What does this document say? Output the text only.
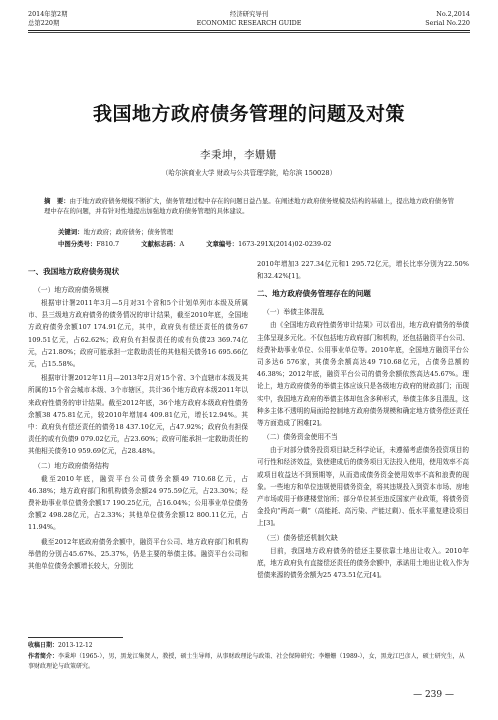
2014年第2期
总第220期
经济研究导刊
ECONOMIC RESEARCH GUIDE
No.2,2014
Serial No.220
我国地方政府债务管理的问题及对策
李秉坤，李姗姗
（哈尔滨商业大学 财政与公共管理学院，哈尔滨 150028）
摘　要：由于地方政府债务规模不断扩大，债务管理过程中存在的问题日益凸显。在阐述地方政府债务规模及结构的基础上，提出地方政府债务管理中存在的问题，并有针对性地提出加强地方政府债务管理的具体建议。
关键词：地方政府；政府债务；债务管理
中图分类号：F810.7	文献标志码：A	文章编号：1673-291X(2014)02-0239-02
一、我国地方政府债务现状
（一）地方政府债务规模

根据审计署2011年3月—5月对31个省和5个计划单列市本级及所属市、县三级地方政府债务的债务情况的审计结果，截至2010年底，全国地方政府债务余额107 174.91亿元，其中，政府负有偿还责任的债务67 109.51亿元，占62.62%；政府负有担保责任的或有负债23 369.74亿元，占21.80%；政府可能承担一定救助责任的其他相关债务16 695.66亿元，占15.58%。

根据审计署2012年11月—2013年2月对15个省、3个直辖市本级及其所属的15个省会城市本级、3个市辖区，共计36个地方政府本级2011年以来政府性债务的审计结果。截至2012年底，36个地方政府本级政府性债务余额38 475.81亿元，较2010年增加4 409.81亿元，增长12.94%。其中：政府负有偿还责任的债务18 437.10亿元，占47.92%；政府负有担保责任的或有负债9 079.02亿元，占23.60%；政府可能承担一定救助责任的其他相关债务10 959.69亿元，占28.48%。

（二）地方政府债务结构

截至2010年底，融资平台公司债务余额49 710.68亿元，占46.38%；地方政府部门和机构债务余额24 975.59亿元，占23.30%；经费补助事业单位债务余额17 190.25亿元，占16.04%；公用事业单位债务余额2 498.28亿元，占2.33%；其他单位债务余额12 800.11亿元，占11.94%。

截至2012年底政府债务余额中，融资平台公司、地方政府部门和机构举借的分别占45.67%、25.37%，仍是主要的举债主体。融资平台公司和其他单位债务余额增长较大，分别比

2010年增加3 227.34亿元和1 295.72亿元，增长比率分别为22.50%和32.42%[1]。

二、地方政府债务管理存在的问题
（一）举债主体混乱

由《全国地方政府性债务审计结果》可以看出，地方政府债务的举债主体呈现多元化。不仅包括地方政府部门和机构，还包括融资平台公司、经费补助事业单位、公用事业单位等。2010年底，全国地方融资平台公司多达6 576家，其债务余额高达49 710.68亿元，占债务总额的46.38%；2012年底，融资平台公司的债务余额依然高达45.67%。理论上，地方政府债务的举债主体应该只是各级地方政府的财政部门；而现实中，我国地方政府的举债主体却包含多种形式，举债主体多且混乱，这种多主体不透明的局面给控制地方政府债务规模和确定地方债务偿还责任等方面造成了困难[2]。

（二）债务资金使用不当

由于对部分债务投资项目缺乏科学论证，未遵循考虑债务投资项目的可行性和经济效益，致使建成后的债务项目无法投入使用，使用效率不高或项目收益达不到预期等，从而造成债务资金使用效率不高和浪费的现象。一些地方和单位违规使用债务资金，将其违规投入到资本市场、房地产市场或用于修建楼堂馆所；部分单位甚至违反国家产业政策，将债务资金投向“两高一剩”（高能耗、高污染、产能过剩）、低水平重复建设项目上[3]。

（三）债务偿还机制欠缺

目前，我国地方政府债务的偿还主要依靠土地出让收入。2010年底，地方政府负有直接偿还责任的债务余额中，承诺用土地出让收入作为偿债来源的债务余额为25 473.51亿元[4]。

收稿日期：2013-12-12
作者简介：李秉坤（1965-），男，黑龙江集贤人，教授，硕士生导师，从事财政理论与政策、社会保障研究；李姗姗（1989-），女，黑龙江巴彦人，硕士研究生，从事财政理论与政策研究。
— 239 —
